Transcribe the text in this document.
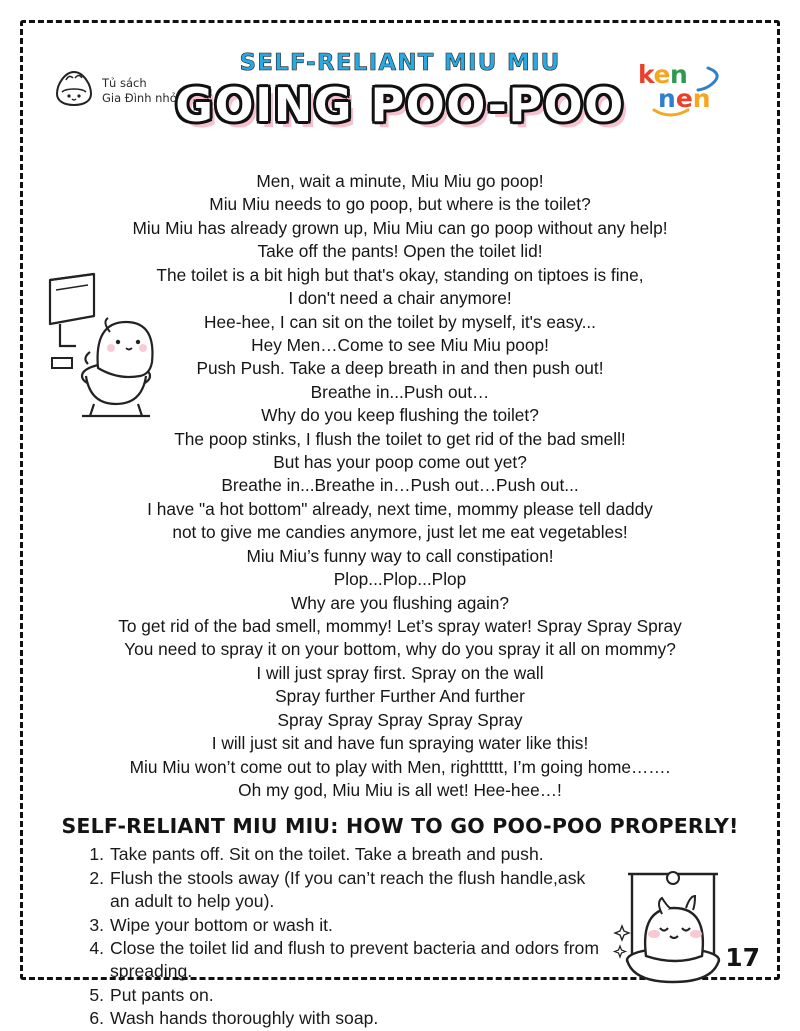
Tủ sách
Gia Đình nhỏ
ken
nen
SELF-RELIANT MIU MIU
GOING POO-POO
Men, wait a minute, Miu Miu go poop!
Miu Miu needs to go poop, but where is the toilet?
Miu Miu has already grown up, Miu Miu can go poop without any help!
Take off the pants! Open the toilet lid!
The toilet is a bit high but that's okay, standing on tiptoes is fine,
I don't need a chair anymore!
Hee-hee, I can sit on the toilet by myself, it's easy...
Hey Men…Come to see Miu Miu poop!
Push Push. Take a deep breath in and then push out!
Breathe in...Push out…
Why do you keep flushing the toilet?
The poop stinks, I flush the toilet to get rid of the bad smell!
But has your poop come out yet?
Breathe in...Breathe in…Push out…Push out...
I have "a hot bottom" already, next time, mommy please tell daddy
not to give me candies anymore, just let me eat vegetables!
Miu Miu’s funny way to call constipation!
Plop...Plop...Plop
Why are you flushing again?
To get rid of the bad smell, mommy! Let’s spray water! Spray Spray Spray
You need to spray it on your bottom, why do you spray it all on mommy?
I will just spray first. Spray on the wall
Spray further Further And further
Spray Spray Spray Spray Spray
I will just sit and have fun spraying water like this!
Miu Miu won’t come out to play with Men, righttttt, I’m going home…….
Oh my god, Miu Miu is all wet! Hee-hee…!
SELF-RELIANT MIU MIU: HOW TO GO POO-POO PROPERLY!
1. Take pants off. Sit on the toilet. Take a breath and push.
2. Flush the stools away (If you can’t reach the flush handle,ask an adult to help you).
3. Wipe your bottom or wash it.
4. Close the toilet lid and flush to prevent bacteria and odors from spreading.
5. Put pants on.
6. Wash hands thoroughly with soap.
17
